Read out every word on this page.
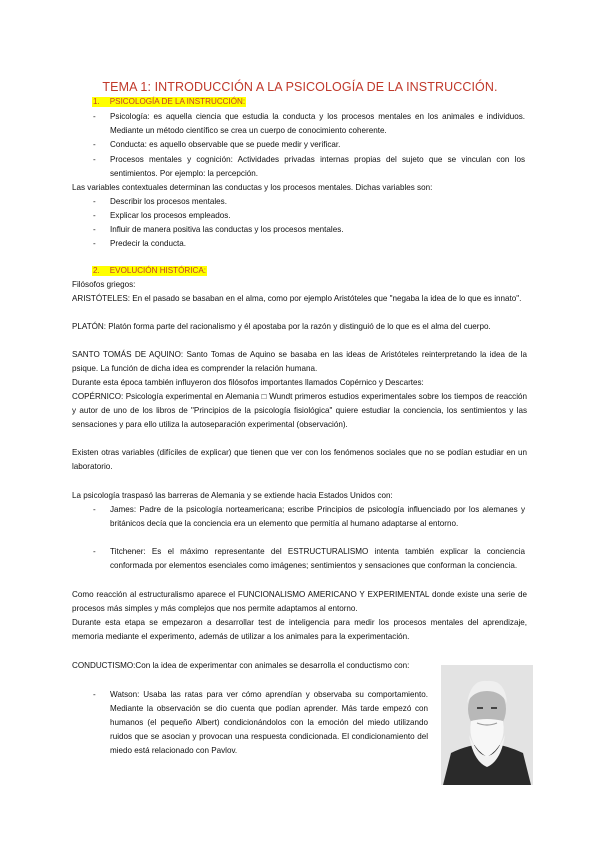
TEMA 1: INTRODUCCIÓN A LA PSICOLOGÍA DE LA INSTRUCCIÓN.
1. PSICOLOGÍA DE LA INSTRUCCIÓN:
- Psicología: es aquella ciencia que estudia la conducta y los procesos mentales en los animales e individuos. Mediante un método científico se crea un cuerpo de conocimiento coherente.
- Conducta: es aquello observable que se puede medir y verificar.
- Procesos mentales y cognición: Actividades privadas internas propias del sujeto que se vinculan con los sentimientos. Por ejemplo: la percepción.
Las variables contextuales determinan las conductas y los procesos mentales. Dichas variables son:
- Describir los procesos mentales.
- Explicar los procesos empleados.
- Influir de manera positiva las conductas y los procesos mentales.
- Predecir la conducta.
2. EVOLUCIÓN HISTÓRICA:
Filósofos griegos:
ARISTÓTELES: En el pasado se basaban en el alma, como por ejemplo Aristóteles que "negaba la idea de lo que es innato".
PLATÓN: Platón forma parte del racionalismo y él apostaba por la razón y distinguió de lo que es el alma del cuerpo.
SANTO TOMÁS DE AQUINO: Santo Tomas de Aquino se basaba en las ideas de Aristóteles reinterpretando la idea de la psique. La función de dicha idea es comprender la relación humana.
Durante esta época también influyeron dos filósofos importantes llamados Copérnico y Descartes:
COPÉRNICO: Psicología experimental en Alemania □ Wundt primeros estudios experimentales sobre los tiempos de reacción y autor de uno de los libros de "Principios de la psicología fisiológica" quiere estudiar la conciencia, los sentimientos y las sensaciones y para ello utiliza la autoseparación experimental (observación).
Existen otras variables (difíciles de explicar) que tienen que ver con los fenómenos sociales que no se podían estudiar en un laboratorio.
La psicología traspasó las barreras de Alemania y se extiende hacia Estados Unidos con:
- James: Padre de la psicología norteamericana; escribe Principios de psicología influenciado por los alemanes y británicos decía que la conciencia era un elemento que permitía al humano adaptarse al entorno.
- Titchener: Es el máximo representante del ESTRUCTURALISMO intenta también explicar la conciencia conformada por elementos esenciales como imágenes; sentimientos y sensaciones que conforman la conciencia.
Como reacción al estructuralismo aparece el FUNCIONALISMO AMERICANO Y EXPERIMENTAL donde existe una serie de procesos más simples y más complejos que nos permite adaptamos al entorno.
Durante esta etapa se empezaron a desarrollar test de inteligencia para medir los procesos mentales del aprendizaje, memoria mediante el experimento, además de utilizar a los animales para la experimentación.
CONDUCTISMO:Con la idea de experimentar con animales se desarrolla el conductismo con:
- Watson: Usaba las ratas para ver cómo aprendían y observaba su comportamiento. Mediante la observación se dio cuenta que podían aprender. Más tarde empezó con humanos (el pequeño Albert) condicionándolos con la emoción del miedo utilizando ruidos que se asocian y provocan una respuesta condicionada. El condicionamiento del miedo está relacionado con Pavlov.
